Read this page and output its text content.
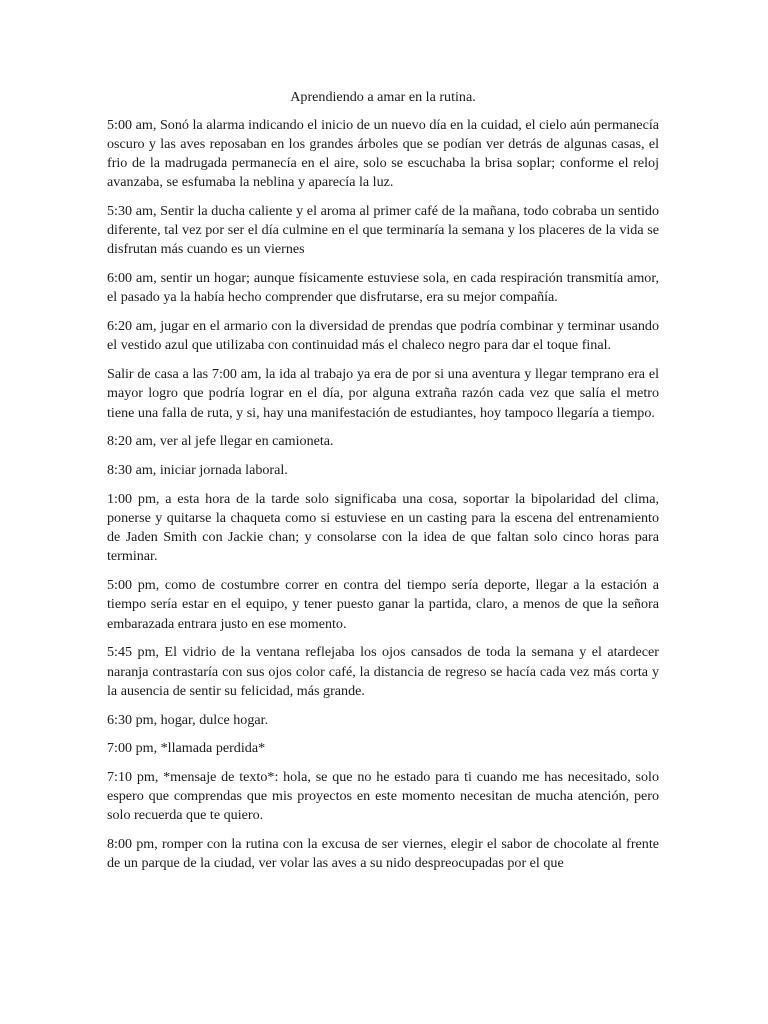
Aprendiendo a amar en la rutina.

5:00 am, Sonó la alarma indicando el inicio de un nuevo día en la cuidad, el cielo aún permanecía oscuro y las aves reposaban en los grandes árboles que se podían ver detrás de algunas casas, el frio de la madrugada permanecía en el aire, solo se escuchaba la brisa soplar; conforme el reloj avanzaba, se esfumaba la neblina y aparecía la luz.

5:30 am, Sentir la ducha caliente y el aroma al primer café de la mañana, todo cobraba un sentido diferente, tal vez por ser el día culmine en el que terminaría la semana y los placeres de la vida se disfrutan más cuando es un viernes

6:00 am, sentir un hogar; aunque físicamente estuviese sola, en cada respiración transmitía amor, el pasado ya la había hecho comprender que disfrutarse, era su mejor compañía.

6:20 am, jugar en el armario con la diversidad de prendas que podría combinar y terminar usando el vestido azul que utilizaba con continuidad más el chaleco negro para dar el toque final.

Salir de casa a las 7:00 am, la ida al trabajo ya era de por si una aventura y llegar temprano era el mayor logro que podría lograr en el día, por alguna extraña razón cada vez que salía el metro tiene una falla de ruta, y si, hay una manifestación de estudiantes, hoy tampoco llegaría a tiempo.

8:20 am, ver al jefe llegar en camioneta.

8:30 am, iniciar jornada laboral.

1:00 pm, a esta hora de la tarde solo significaba una cosa, soportar la bipolaridad del clima, ponerse y quitarse la chaqueta como si estuviese en un casting para la escena del entrenamiento de Jaden Smith con Jackie chan; y consolarse con la idea de que faltan solo cinco horas para terminar.

5:00 pm, como de costumbre correr en contra del tiempo sería deporte, llegar a la estación a tiempo sería estar en el equipo, y tener puesto ganar la partida, claro, a menos de que la señora embarazada entrara justo en ese momento.

5:45 pm, El vidrio de la ventana reflejaba los ojos cansados de toda la semana y el atardecer naranja contrastaría con sus ojos color café, la distancia de regreso se hacía cada vez más corta y la ausencia de sentir su felicidad, más grande.

6:30 pm, hogar, dulce hogar.

7:00 pm, *llamada perdida*

7:10 pm, *mensaje de texto*: hola, se que no he estado para ti cuando me has necesitado, solo espero que comprendas que mis proyectos en este momento necesitan de mucha atención, pero solo recuerda que te quiero.

8:00 pm, romper con la rutina con la excusa de ser viernes, elegir el sabor de chocolate al frente de un parque de la ciudad, ver volar las aves a su nido despreocupadas por el que
